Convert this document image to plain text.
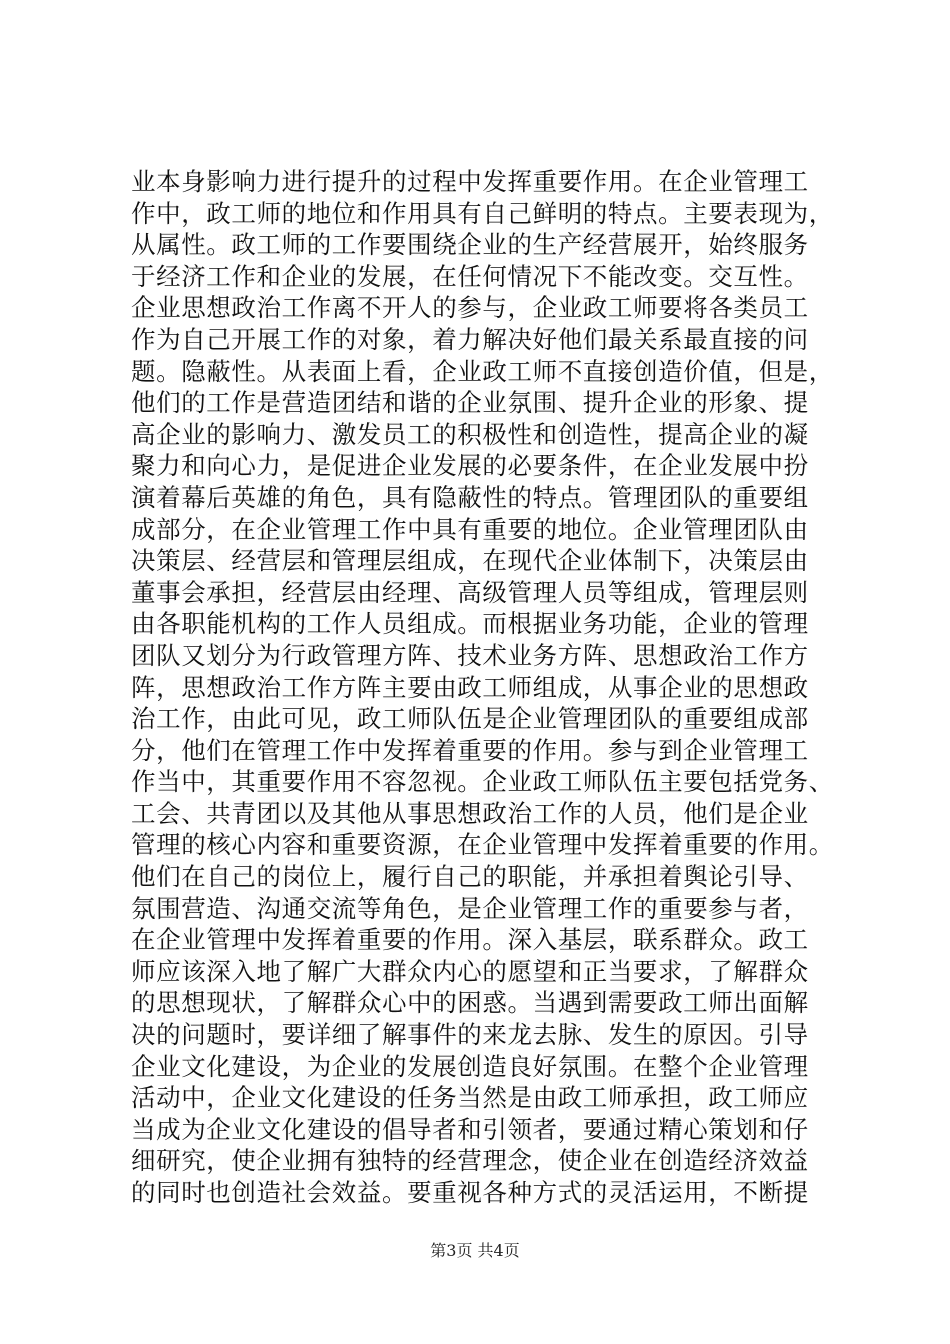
业本身影响力进行提升的过程中发挥重要作用。在企业管理工
作中，政工师的地位和作用具有自己鲜明的特点。主要表现为，
从属性。政工师的工作要围绕企业的生产经营展开，始终服务
于经济工作和企业的发展，在任何情况下不能改变。交互性。
企业思想政治工作离不开人的参与，企业政工师要将各类员工
作为自己开展工作的对象，着力解决好他们最关系最直接的问
题。隐蔽性。从表面上看，企业政工师不直接创造价值，但是，
他们的工作是营造团结和谐的企业氛围、提升企业的形象、提
高企业的影响力、激发员工的积极性和创造性，提高企业的凝
聚力和向心力，是促进企业发展的必要条件，在企业发展中扮
演着幕后英雄的角色，具有隐蔽性的特点。管理团队的重要组
成部分，在企业管理工作中具有重要的地位。企业管理团队由
决策层、经营层和管理层组成，在现代企业体制下，决策层由
董事会承担，经营层由经理、高级管理人员等组成，管理层则
由各职能机构的工作人员组成。而根据业务功能，企业的管理
团队又划分为行政管理方阵、技术业务方阵、思想政治工作方
阵，思想政治工作方阵主要由政工师组成，从事企业的思想政
治工作，由此可见，政工师队伍是企业管理团队的重要组成部
分，他们在管理工作中发挥着重要的作用。参与到企业管理工
作当中，其重要作用不容忽视。企业政工师队伍主要包括党务、
工会、共青团以及其他从事思想政治工作的人员，他们是企业
管理的核心内容和重要资源，在企业管理中发挥着重要的作用。
他们在自己的岗位上，履行自己的职能，并承担着舆论引导、
氛围营造、沟通交流等角色，是企业管理工作的重要参与者，
在企业管理中发挥着重要的作用。深入基层，联系群众。政工
师应该深入地了解广大群众内心的愿望和正当要求，了解群众
的思想现状，了解群众心中的困惑。当遇到需要政工师出面解
决的问题时，要详细了解事件的来龙去脉、发生的原因。引导
企业文化建设，为企业的发展创造良好氛围。在整个企业管理
活动中，企业文化建设的任务当然是由政工师承担，政工师应
当成为企业文化建设的倡导者和引领者，要通过精心策划和仔
细研究，使企业拥有独特的经营理念，使企业在创造经济效益
的同时也创造社会效益。要重视各种方式的灵活运用，不断提
第3页 共4页
